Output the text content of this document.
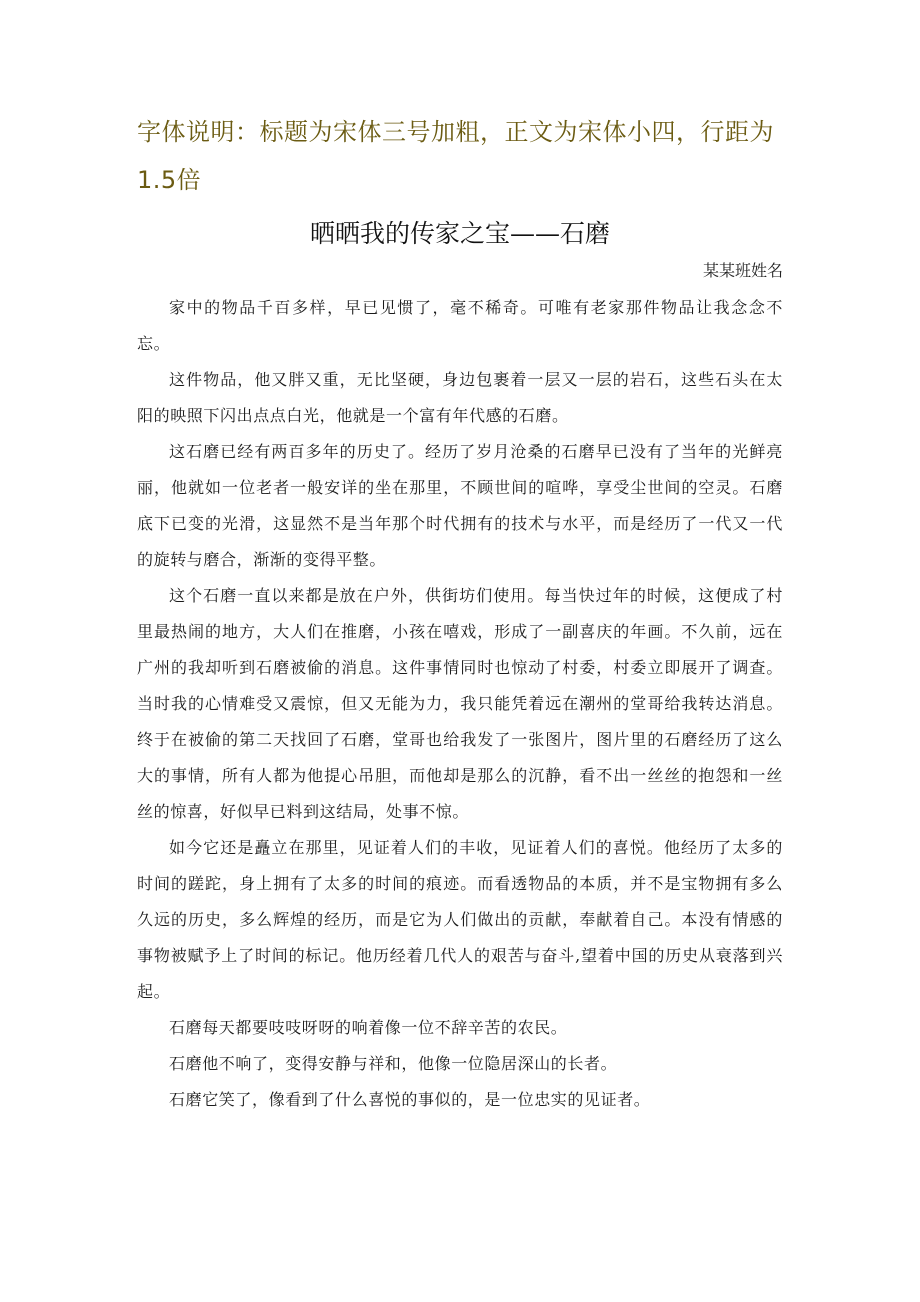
字体说明：标题为宋体三号加粗，正文为宋体小四，行距为1.5倍

晒晒我的传家之宝——石磨

某某班姓名

家中的物品千百多样，早已见惯了，毫不稀奇。可唯有老家那件物品让我念念不忘。

这件物品，他又胖又重，无比坚硬，身边包裹着一层又一层的岩石，这些石头在太阳的映照下闪出点点白光，他就是一个富有年代感的石磨。

这石磨已经有两百多年的历史了。经历了岁月沧桑的石磨早已没有了当年的光鲜亮丽，他就如一位老者一般安详的坐在那里，不顾世间的喧哗，享受尘世间的空灵。石磨底下已变的光滑，这显然不是当年那个时代拥有的技术与水平，而是经历了一代又一代的旋转与磨合，渐渐的变得平整。

这个石磨一直以来都是放在户外，供街坊们使用。每当快过年的时候，这便成了村里最热闹的地方，大人们在推磨，小孩在嘻戏，形成了一副喜庆的年画。不久前，远在广州的我却听到石磨被偷的消息。这件事情同时也惊动了村委，村委立即展开了调查。当时我的心情难受又震惊，但又无能为力，我只能凭着远在潮州的堂哥给我转达消息。终于在被偷的第二天找回了石磨，堂哥也给我发了一张图片，图片里的石磨经历了这么大的事情，所有人都为他提心吊胆，而他却是那么的沉静，看不出一丝丝的抱怨和一丝丝的惊喜，好似早已料到这结局，处事不惊。

如今它还是矗立在那里，见证着人们的丰收，见证着人们的喜悦。他经历了太多的时间的蹉跎，身上拥有了太多的时间的痕迹。而看透物品的本质，并不是宝物拥有多么久远的历史，多么辉煌的经历，而是它为人们做出的贡献，奉献着自己。本没有情感的事物被赋予上了时间的标记。他历经着几代人的艰苦与奋斗,望着中国的历史从衰落到兴起。

石磨每天都要吱吱呀呀的响着像一位不辞辛苦的农民。

石磨他不响了，变得安静与祥和，他像一位隐居深山的长者。

石磨它笑了，像看到了什么喜悦的事似的，是一位忠实的见证者。
